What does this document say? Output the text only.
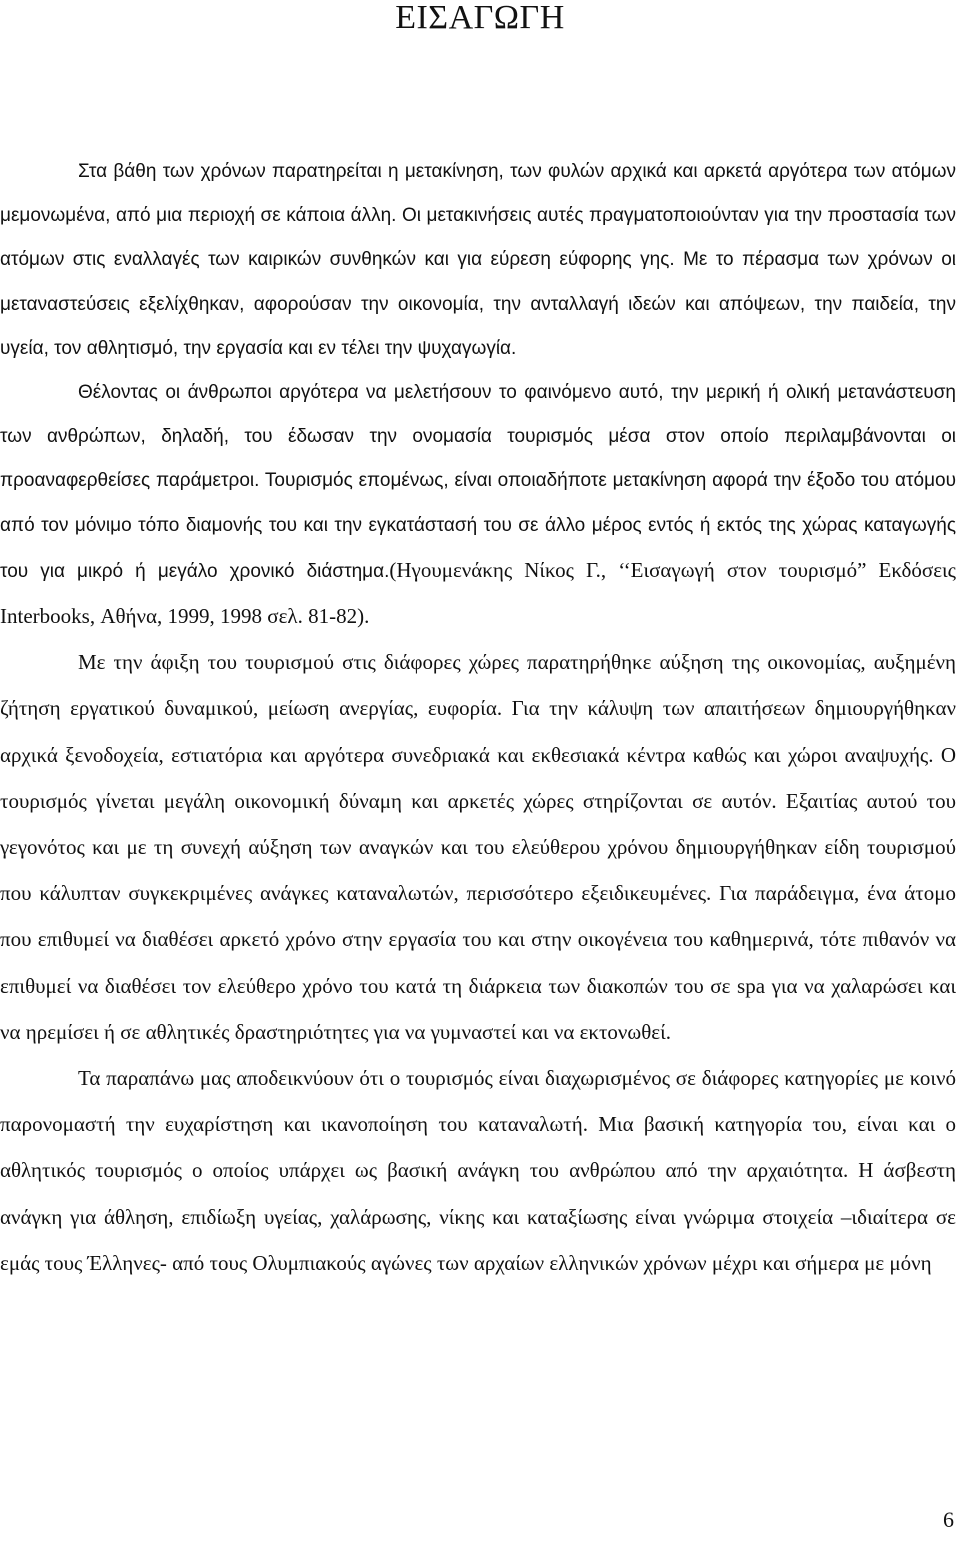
ΕΙΣΑΓΩΓΗ

Στα βάθη των χρόνων παρατηρείται η μετακίνηση, των φυλών αρχικά και αρκετά αργότερα των ατόμων μεμονωμένα, από μια περιοχή σε κάποια άλλη. Οι μετακινήσεις αυτές πραγματοποιούνταν για την προστασία των ατόμων στις εναλλαγές των καιρικών συνθηκών και για εύρεση εύφορης γης. Με το πέρασμα των χρόνων οι μεταναστεύσεις εξελίχθηκαν, αφορούσαν την οικονομία, την ανταλλαγή ιδεών και απόψεων, την παιδεία, την υγεία, τον αθλητισμό, την εργασία και εν τέλει την ψυχαγωγία.

Θέλοντας οι άνθρωποι αργότερα να μελετήσουν το φαινόμενο αυτό, την μερική ή ολική μετανάστευση των ανθρώπων, δηλαδή, του έδωσαν την ονομασία τουρισμός μέσα στον οποίο περιλαμβάνονται οι προαναφερθείσες παράμετροι. Τουρισμός επομένως, είναι οποιαδήποτε μετακίνηση αφορά την έξοδο του ατόμου από τον μόνιμο τόπο διαμονής του και την εγκατάστασή του σε άλλο μέρος εντός ή εκτός της χώρας καταγωγής του για μικρό ή μεγάλο χρονικό διάστημα.(Ηγουμενάκης Νίκος Γ., ‘‘Εισαγωγή στον τουρισμό” Εκδόσεις Interbooks, Αθήνα, 1999, 1998 σελ. 81-82).

Με την άφιξη του τουρισμού στις διάφορες χώρες παρατηρήθηκε αύξηση της οικονομίας, αυξημένη ζήτηση εργατικού δυναμικού, μείωση ανεργίας, ευφορία. Για την κάλυψη των απαιτήσεων δημιουργήθηκαν αρχικά ξενοδοχεία, εστιατόρια και αργότερα συνεδριακά και εκθεσιακά κέντρα καθώς και χώροι αναψυχής. Ο τουρισμός γίνεται μεγάλη οικονομική δύναμη και αρκετές χώρες στηρίζονται σε αυτόν. Εξαιτίας αυτού του γεγονότος και με τη συνεχή αύξηση των αναγκών και του ελεύθερου χρόνου δημιουργήθηκαν είδη τουρισμού που κάλυπταν συγκεκριμένες ανάγκες καταναλωτών, περισσότερο εξειδικευμένες. Για παράδειγμα, ένα άτομο που επιθυμεί να διαθέσει αρκετό χρόνο στην εργασία του και στην οικογένεια του καθημερινά, τότε πιθανόν να επιθυμεί να διαθέσει τον ελεύθερο χρόνο του κατά τη διάρκεια των διακοπών του σε spa για να χαλαρώσει και να ηρεμίσει ή σε αθλητικές δραστηριότητες για να γυμναστεί και να εκτονωθεί.

Τα παραπάνω μας αποδεικνύουν ότι ο τουρισμός είναι διαχωρισμένος σε διάφορες κατηγορίες με κοινό παρονομαστή την ευχαρίστηση και ικανοποίηση του καταναλωτή. Μια βασική κατηγορία του, είναι και ο αθλητικός τουρισμός ο οποίος υπάρχει ως βασική ανάγκη του ανθρώπου από την αρχαιότητα. Η άσβεστη ανάγκη για άθληση, επιδίωξη υγείας, χαλάρωσης, νίκης και καταξίωσης είναι γνώριμα στοιχεία –ιδιαίτερα σε εμάς τους Έλληνες- από τους Ολυμπιακούς αγώνες των αρχαίων ελληνικών χρόνων μέχρι και σήμερα με μόνη

6
